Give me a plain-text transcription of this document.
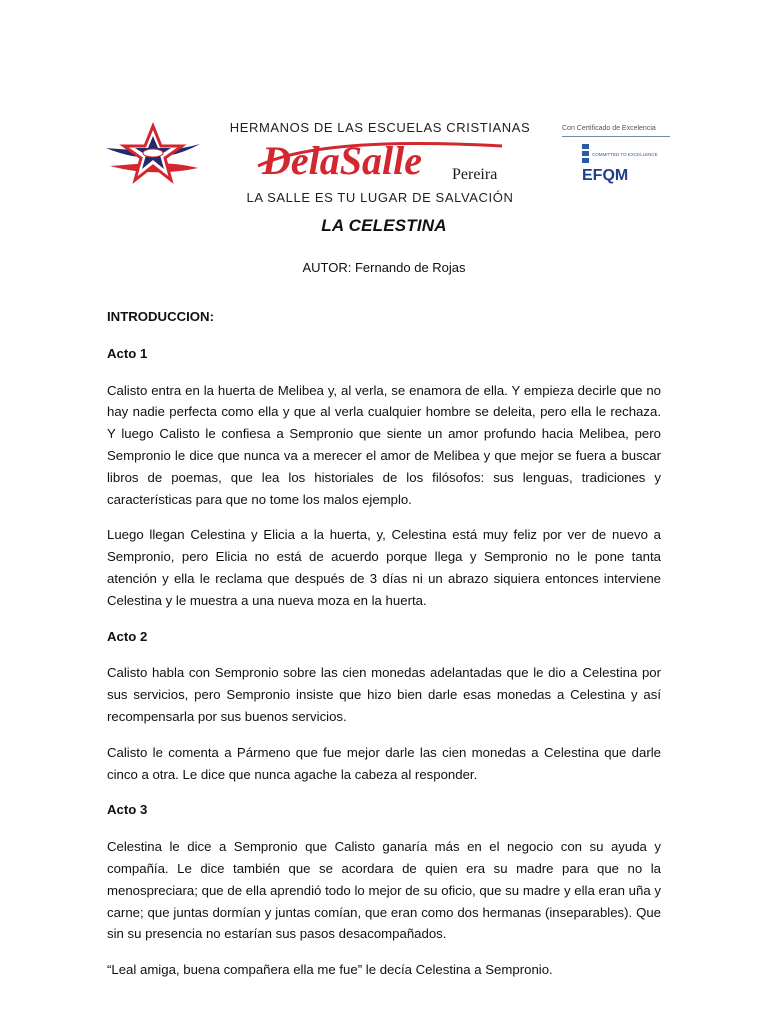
HERMANOS DE LAS ESCUELAS CRISTIANAS
DelaSalle Pereira
LA SALLE ES TU LUGAR DE SALVACIÓN
Con Certificado de Excelencia
COMMITTED TO EXCELLENCE
EFQM
LA CELESTINA
AUTOR: Fernando de Rojas

INTRODUCCION:

Acto 1

Calisto entra en la huerta de Melibea y, al verla, se enamora de ella. Y empieza decirle que no hay nadie perfecta como ella y que al verla cualquier hombre se deleita, pero ella le rechaza. Y luego Calisto le confiesa a Sempronio que siente un amor profundo hacia Melibea, pero Sempronio le dice que nunca va a merecer el amor de Melibea y que mejor se fuera a buscar libros de poemas, que lea los historiales de los filósofos: sus lenguas, tradiciones y características para que no tome los malos ejemplo.

Luego llegan Celestina y Elicia a la huerta, y, Celestina está muy feliz por ver de nuevo a Sempronio, pero Elicia no está de acuerdo porque llega y Sempronio no le pone tanta atención y ella le reclama que después de 3 días ni un abrazo siquiera entonces interviene Celestina y le muestra a una nueva moza en la huerta.

Acto 2

Calisto habla con Sempronio sobre las cien monedas adelantadas que le dio a Celestina por sus servicios, pero Sempronio insiste que hizo bien darle esas monedas a Celestina y así recompensarla por sus buenos servicios.

Calisto le comenta a Pármeno que fue mejor darle las cien monedas a Celestina que darle cinco a otra. Le dice que nunca agache la cabeza al responder.

Acto 3

Celestina le dice a Sempronio que Calisto ganaría más en el negocio con su ayuda y compañía. Le dice también que se acordara de quien era su madre para que no la menospreciara; que de ella aprendió todo lo mejor de su oficio, que su madre y ella eran uña y carne; que juntas dormían y juntas comían, que eran como dos hermanas (inseparables). Que sin su presencia no estarían sus pasos desacompañados.

“Leal amiga, buena compañera ella me fue” le decía Celestina a Sempronio.
